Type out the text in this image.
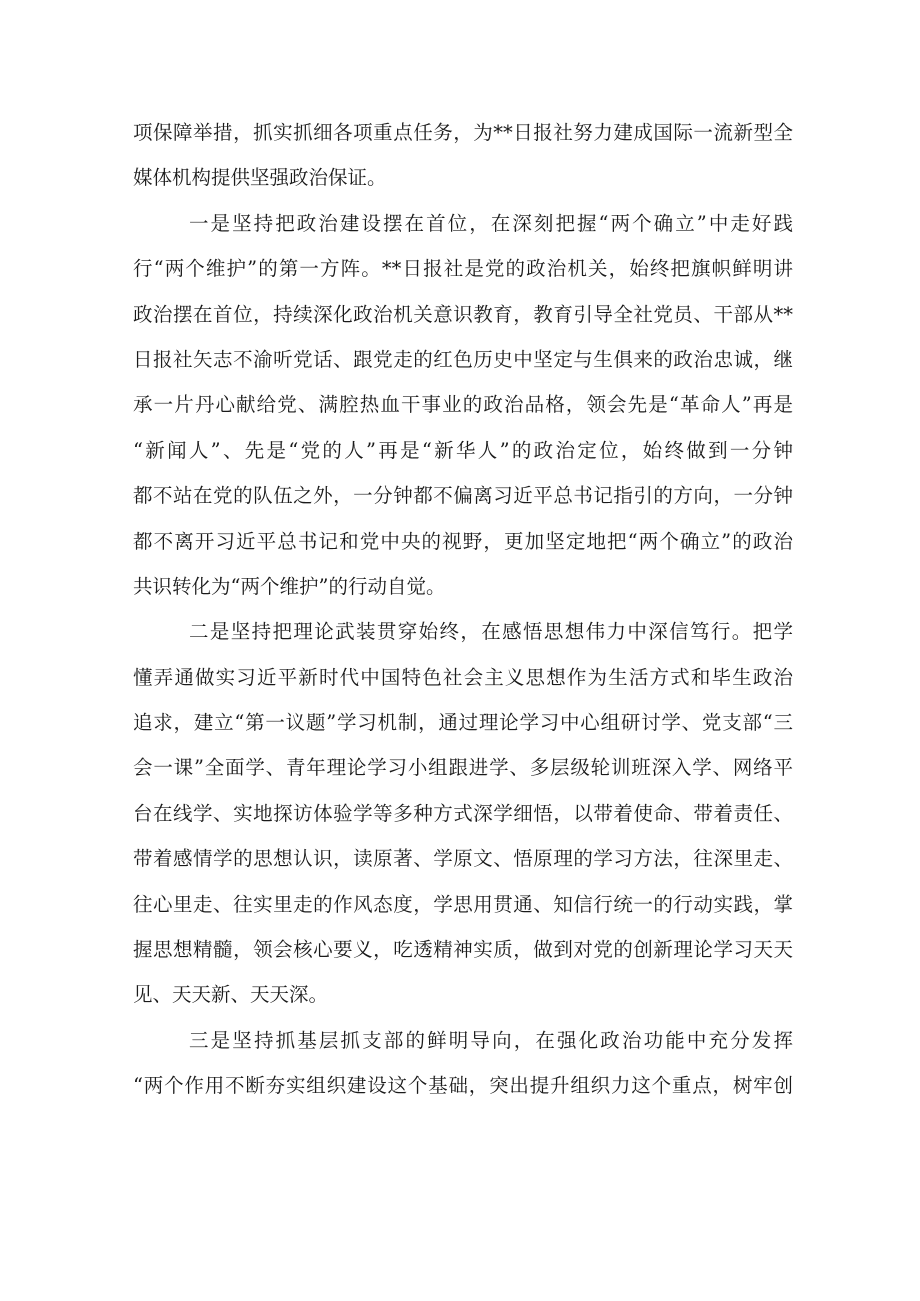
项保障举措，抓实抓细各项重点任务，为**日报社努力建成国际一流新型全
媒体机构提供坚强政治保证。
一是坚持把政治建设摆在首位，在深刻把握“两个确立”中走好践
行“两个维护”的第一方阵。**日报社是党的政治机关，始终把旗帜鲜明讲
政治摆在首位，持续深化政治机关意识教育，教育引导全社党员、干部从**
日报社矢志不渝听党话、跟党走的红色历史中坚定与生俱来的政治忠诚，继
承一片丹心献给党、满腔热血干事业的政治品格，领会先是“革命人”再是
“新闻人”、先是“党的人”再是“新华人”的政治定位，始终做到一分钟
都不站在党的队伍之外，一分钟都不偏离习近平总书记指引的方向，一分钟
都不离开习近平总书记和党中央的视野，更加坚定地把“两个确立”的政治
共识转化为“两个维护”的行动自觉。
二是坚持把理论武装贯穿始终，在感悟思想伟力中深信笃行。把学
懂弄通做实习近平新时代中国特色社会主义思想作为生活方式和毕生政治
追求，建立“第一议题”学习机制，通过理论学习中心组研讨学、党支部“三
会一课”全面学、青年理论学习小组跟进学、多层级轮训班深入学、网络平
台在线学、实地探访体验学等多种方式深学细悟，以带着使命、带着责任、
带着感情学的思想认识，读原著、学原文、悟原理的学习方法，往深里走、
往心里走、往实里走的作风态度，学思用贯通、知信行统一的行动实践，掌
握思想精髓，领会核心要义，吃透精神实质，做到对党的创新理论学习天天
见、天天新、天天深。
三是坚持抓基层抓支部的鲜明导向，在强化政治功能中充分发挥
“两个作用不断夯实组织建设这个基础，突出提升组织力这个重点，树牢创
